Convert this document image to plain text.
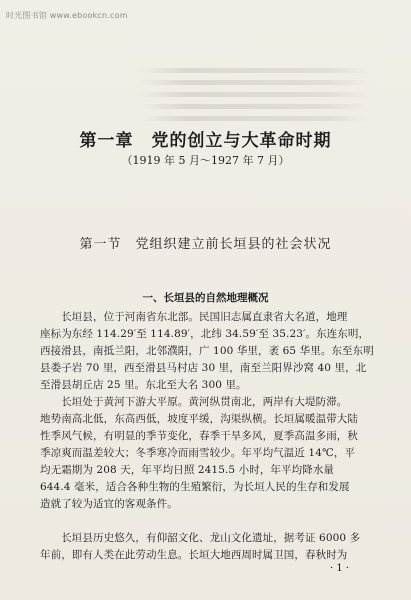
时光图书馆 www.ebookcn.com
第一章　党的创立与大革命时期
（1919 年 5 月～1927 年 7 月）
第一节　党组织建立前长垣县的社会状况
一、长垣县的自然地理概况
　　长垣县，位于河南省东北部。民国旧志属直隶省大名道，地理
座标为东经 114.29′至 114.89′，北纬 34.59′至 35.23′。东连东明，
西接滑县，南抵兰阳，北邻濮阳，广 100 华里，袤 65 华里。东至东明
县娄子岩 70 里，西至滑县马村店 30 里，南至兰阳界沙窝 40 里，北
至滑县胡丘店 25 里。东北至大名 300 里。
　　长垣处于黄河下游大平原。黄河纵贯南北，两岸有大堤防滞。
地势南高北低，东高西低，坡度平缓，沟渠纵横。长垣属暖温带大陆
性季风气候，有明显的季节变化，春季干旱多风，夏季高温多雨，秋
季凉爽而温差较大；冬季寒冷而雨雪较少。年平均气温近 14℃，平
均无霜期为 208 天，年平均日照 2415.5 小时，年平均降水量
644.4 毫米，适合各种生物的生殖繁衍，为长垣人民的生存和发展
造就了较为适宜的客观条件。
　　长垣县历史悠久，有仰韶文化、龙山文化遗址，据考证 6000 多
年前，即有人类在此劳动生息。长垣大地西周时属卫国，春秋时为
· 1 ·
